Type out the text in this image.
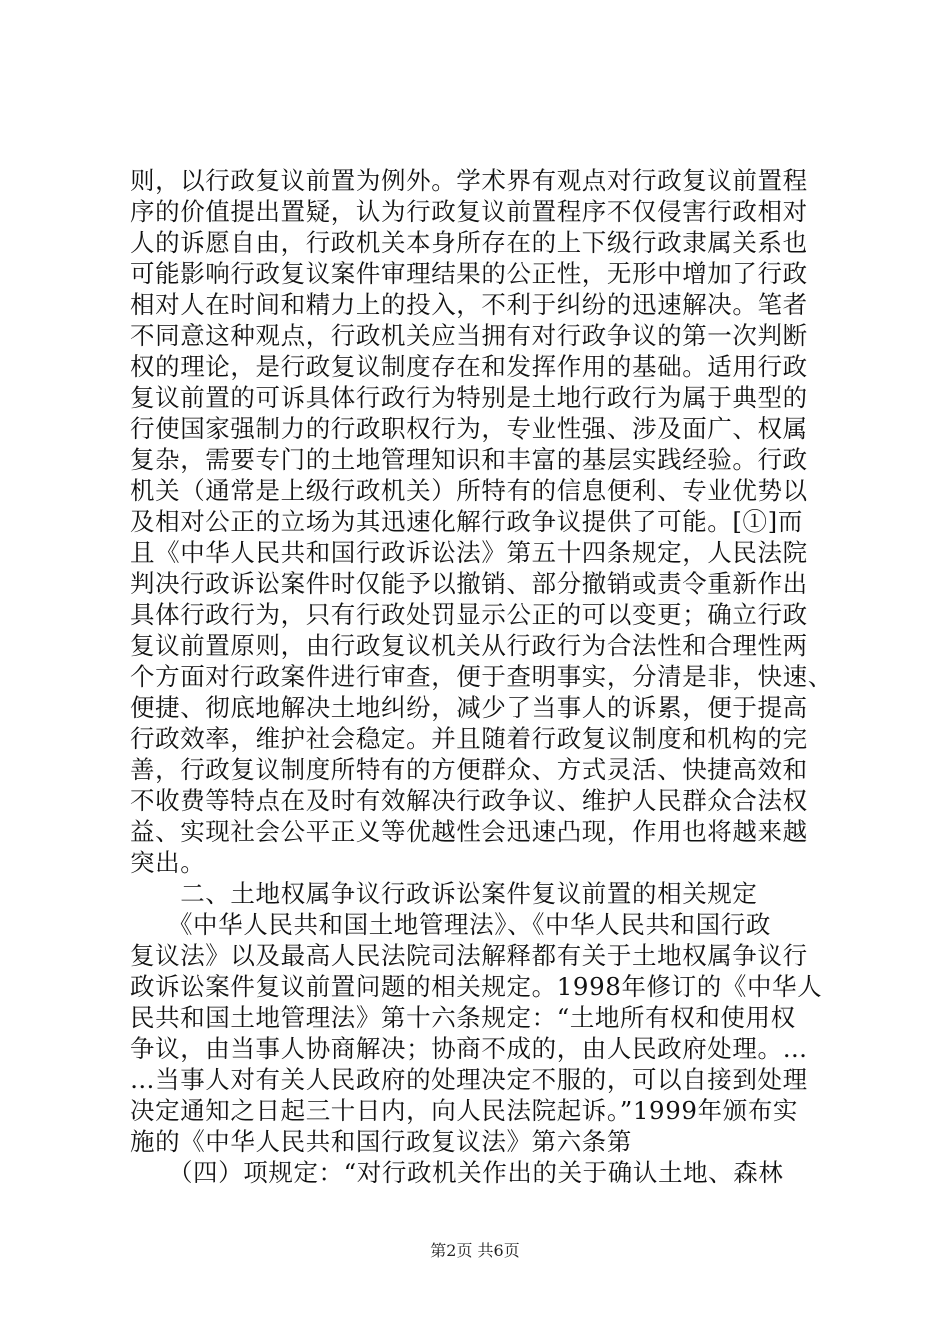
则，以行政复议前置为例外。学术界有观点对行政复议前置程
序的价值提出置疑，认为行政复议前置程序不仅侵害行政相对
人的诉愿自由，行政机关本身所存在的上下级行政隶属关系也
可能影响行政复议案件审理结果的公正性，无形中增加了行政
相对人在时间和精力上的投入，不利于纠纷的迅速解决。笔者
不同意这种观点，行政机关应当拥有对行政争议的第一次判断
权的理论，是行政复议制度存在和发挥作用的基础。适用行政
复议前置的可诉具体行政行为特别是土地行政行为属于典型的
行使国家强制力的行政职权行为，专业性强、涉及面广、权属
复杂，需要专门的土地管理知识和丰富的基层实践经验。行政
机关（通常是上级行政机关）所特有的信息便利、专业优势以
及相对公正的立场为其迅速化解行政争议提供了可能。[①]而
且《中华人民共和国行政诉讼法》第五十四条规定，人民法院
判决行政诉讼案件时仅能予以撤销、部分撤销或责令重新作出
具体行政行为，只有行政处罚显示公正的可以变更；确立行政
复议前置原则，由行政复议机关从行政行为合法性和合理性两
个方面对行政案件进行审查，便于查明事实，分清是非，快速、
便捷、彻底地解决土地纠纷，减少了当事人的诉累，便于提高
行政效率，维护社会稳定。并且随着行政复议制度和机构的完
善，行政复议制度所特有的方便群众、方式灵活、快捷高效和
不收费等特点在及时有效解决行政争议、维护人民群众合法权
益、实现社会公平正义等优越性会迅速凸现，作用也将越来越
突出。
　　二、土地权属争议行政诉讼案件复议前置的相关规定
　　《中华人民共和国土地管理法》、《中华人民共和国行政
复议法》以及最高人民法院司法解释都有关于土地权属争议行
政诉讼案件复议前置问题的相关规定。1998年修订的《中华人
民共和国土地管理法》第十六条规定：“土地所有权和使用权
争议，由当事人协商解决；协商不成的，由人民政府处理。…
…当事人对有关人民政府的处理决定不服的，可以自接到处理
决定通知之日起三十日内，向人民法院起诉。”1999年颁布实
施的《中华人民共和国行政复议法》第六条第
　　（四）项规定：“对行政机关作出的关于确认土地、森林
第2页 共6页
